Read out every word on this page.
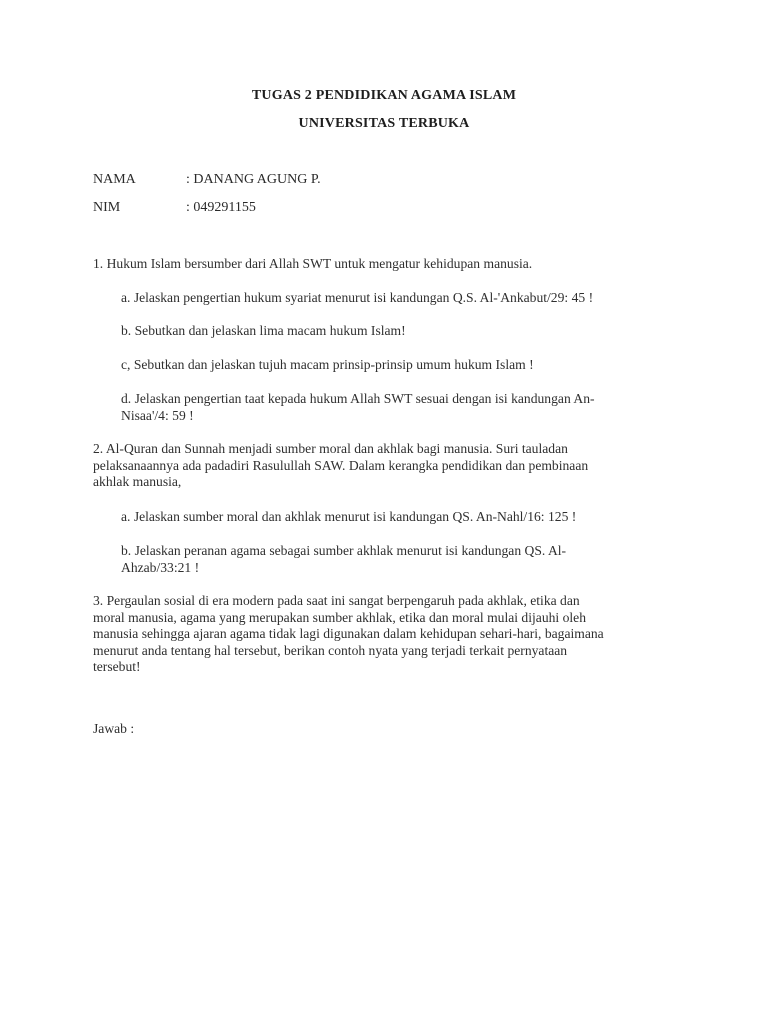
TUGAS 2 PENDIDIKAN AGAMA ISLAM
UNIVERSITAS TERBUKA
NAMA	: DANANG AGUNG P.
NIM	: 049291155
1. Hukum Islam bersumber dari Allah SWT untuk mengatur kehidupan manusia.
a. Jelaskan pengertian hukum syariat menurut isi kandungan Q.S. Al-'Ankabut/29: 45 !
b. Sebutkan dan jelaskan lima macam hukum Islam!
c, Sebutkan dan jelaskan tujuh macam prinsip-prinsip umum hukum Islam !
d. Jelaskan pengertian taat kepada hukum Allah SWT sesuai dengan isi kandungan An-
Nisaa'/4: 59 !
2. Al-Quran dan Sunnah menjadi sumber moral dan akhlak bagi manusia. Suri tauladan
pelaksanaannya ada padadiri Rasulullah SAW. Dalam kerangka pendidikan dan pembinaan
akhlak manusia,
a. Jelaskan sumber moral dan akhlak menurut isi kandungan QS. An-Nahl/16: 125 !
b. Jelaskan peranan agama sebagai sumber akhlak menurut isi kandungan QS. Al-
Ahzab/33:21 !
3. Pergaulan sosial di era modern pada saat ini sangat berpengaruh pada akhlak, etika dan
moral manusia, agama yang merupakan sumber akhlak, etika dan moral mulai dijauhi oleh
manusia sehingga ajaran agama tidak lagi digunakan dalam kehidupan sehari-hari, bagaimana
menurut anda tentang hal tersebut, berikan contoh nyata yang terjadi terkait pernyataan
tersebut!
Jawab :
